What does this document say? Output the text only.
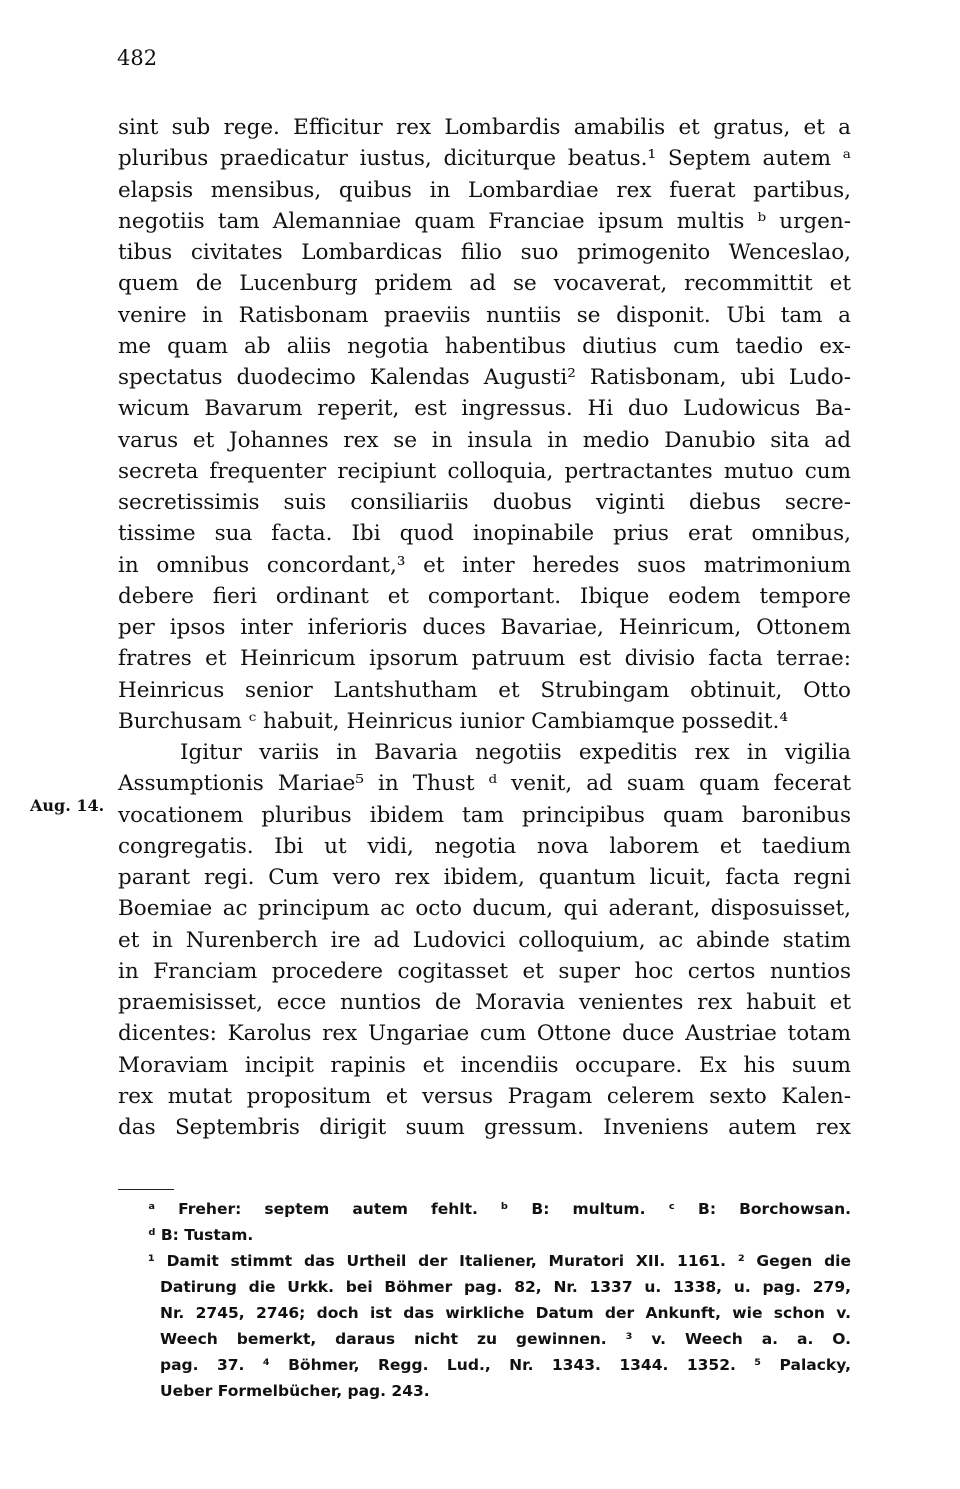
482
sint sub rege. Efficitur rex Lombardis amabilis et gratus, et a
pluribus praedicatur iustus, diciturque beatus.¹ Septem autem ᵃ
elapsis mensibus, quibus in Lombardiae rex fuerat partibus,
negotiis tam Alemanniae quam Franciae ipsum multis ᵇ urgen-
tibus civitates Lombardicas filio suo primogenito Wenceslao,
quem de Lucenburg pridem ad se vocaverat, recommittit et
venire in Ratisbonam praeviis nuntiis se disponit. Ubi tam a
me quam ab aliis negotia habentibus diutius cum taedio ex-
spectatus duodecimo Kalendas Augusti² Ratisbonam, ubi Ludo-
wicum Bavarum reperit, est ingressus. Hi duo Ludowicus Ba-
varus et Johannes rex se in insula in medio Danubio sita ad
secreta frequenter recipiunt colloquia, pertractantes mutuo cum
secretissimis suis consiliariis duobus viginti diebus secre-
tissime sua facta. Ibi quod inopinabile prius erat omnibus,
in omnibus concordant,³ et inter heredes suos matrimonium
debere fieri ordinant et comportant. Ibique eodem tempore
per ipsos inter inferioris duces Bavariae, Heinricum, Ottonem
fratres et Heinricum ipsorum patruum est divisio facta terrae:
Heinricus senior Lantshutham et Strubingam obtinuit, Otto
Burchusam ᶜ habuit, Heinricus iunior Cambiamque possedit.⁴
Igitur variis in Bavaria negotiis expeditis rex in vigilia
Assumptionis Mariae⁵ in Thust ᵈ venit, ad suam quam fecerat
vocationem pluribus ibidem tam principibus quam baronibus
congregatis. Ibi ut vidi, negotia nova laborem et taedium
parant regi. Cum vero rex ibidem, quantum licuit, facta regni
Boemiae ac principum ac octo ducum, qui aderant, disposuisset,
et in Nurenberch ire ad Ludovici colloquium, ac abinde statim
in Franciam procedere cogitasset et super hoc certos nuntios
praemisisset, ecce nuntios de Moravia venientes rex habuit et
dicentes: Karolus rex Ungariae cum Ottone duce Austriae totam
Moraviam incipit rapinis et incendiis occupare. Ex his suum
rex mutat propositum et versus Pragam celerem sexto Kalen-
das Septembris dirigit suum gressum. Inveniens autem rex
Aug. 14.
ᵃ Freher: septem autem fehlt. ᵇ B: multum. ᶜ B: Borchowsan.
ᵈ B: Tustam.
¹ Damit stimmt das Urtheil der Italiener, Muratori XII. 1161. ² Gegen die
Datirung die Urkk. bei Böhmer pag. 82, Nr. 1337 u. 1338, u. pag. 279,
Nr. 2745, 2746; doch ist das wirkliche Datum der Ankunft, wie schon v.
Weech bemerkt, daraus nicht zu gewinnen. ³ v. Weech a. a. O.
pag. 37. ⁴ Böhmer, Regg. Lud., Nr. 1343. 1344. 1352. ⁵ Palacky,
Ueber Formelbücher, pag. 243.
